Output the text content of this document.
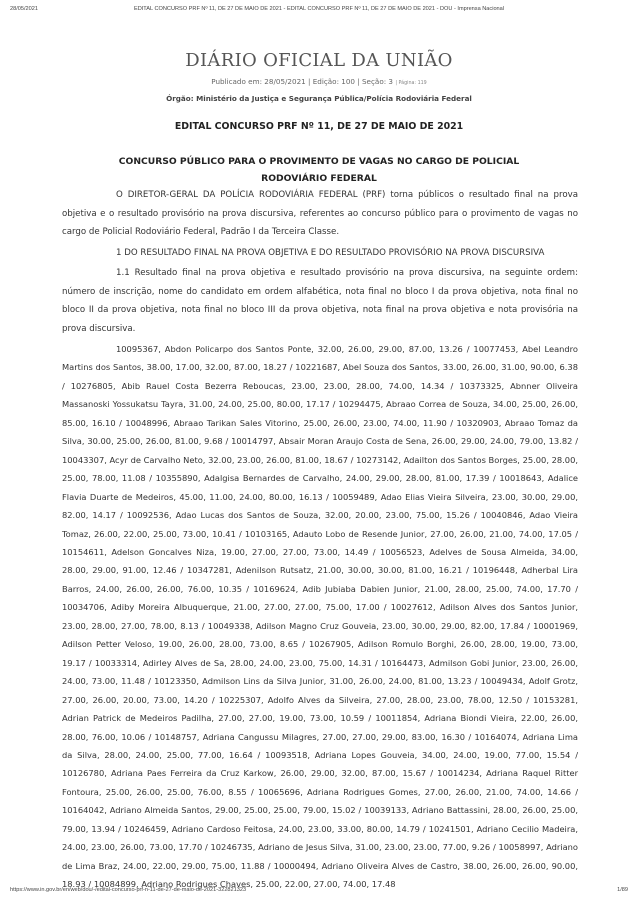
28/05/2021	EDITAL CONCURSO PRF Nº 11, DE 27 DE MAIO DE 2021 - EDITAL CONCURSO PRF Nº 11, DE 27 DE MAIO DE 2021 - DOU - Imprensa Nacional
DIÁRIO OFICIAL DA UNIÃO
Publicado em: 28/05/2021 | Edição: 100 | Seção: 3 | Página: 119
Órgão: Ministério da Justiça e Segurança Pública/Polícia Rodoviária Federal
EDITAL CONCURSO PRF Nº 11, DE 27 DE MAIO DE 2021
CONCURSO PÚBLICO PARA O PROVIMENTO DE VAGAS NO CARGO DE POLICIAL RODOVIÁRIO FEDERAL

O DIRETOR-GERAL DA POLÍCIA RODOVIÁRIA FEDERAL (PRF) torna públicos o resultado final na prova objetiva e o resultado provisório na prova discursiva, referentes ao concurso público para o provimento de vagas no cargo de Policial Rodoviário Federal, Padrão I da Terceira Classe.

1 DO RESULTADO FINAL NA PROVA OBJETIVA E DO RESULTADO PROVISÓRIO NA PROVA DISCURSIVA

1.1 Resultado final na prova objetiva e resultado provisório na prova discursiva, na seguinte ordem: número de inscrição, nome do candidato em ordem alfabética, nota final no bloco I da prova objetiva, nota final no bloco II da prova objetiva, nota final no bloco III da prova objetiva, nota final na prova objetiva e nota provisória na prova discursiva.

10095367, Abdon Policarpo dos Santos Ponte, 32.00, 26.00, 29.00, 87.00, 13.26 / 10077453, Abel Leandro Martins dos Santos, 38.00, 17.00, 32.00, 87.00, 18.27 / 10221687, Abel Souza dos Santos, 33.00, 26.00, 31.00, 90.00, 6.38 / 10276805, Abib Rauel Costa Bezerra Reboucas, 23.00, 23.00, 28.00, 74.00, 14.34 / 10373325, Abnner Oliveira Massanoski Yossukatsu Tayra, 31.00, 24.00, 25.00, 80.00, 17.17 / 10294475, Abraao Correa de Souza, 34.00, 25.00, 26.00, 85.00, 16.10 / 10048996, Abraao Tarikan Sales Vitorino, 25.00, 26.00, 23.00, 74.00, 11.90 / 10320903, Abraao Tomaz da Silva, 30.00, 25.00, 26.00, 81.00, 9.68 / 10014797, Absair Moran Araujo Costa de Sena, 26.00, 29.00, 24.00, 79.00, 13.82 / 10043307, Acyr de Carvalho Neto, 32.00, 23.00, 26.00, 81.00, 18.67 / 10273142, Adailton dos Santos Borges, 25.00, 28.00, 25.00, 78.00, 11.08 / 10355890, Adalgisa Bernardes de Carvalho, 24.00, 29.00, 28.00, 81.00, 17.39 / 10018643, Adalice Flavia Duarte de Medeiros, 45.00, 11.00, 24.00, 80.00, 16.13 / 10059489, Adao Elias Vieira Silveira, 23.00, 30.00, 29.00, 82.00, 14.17 / 10092536, Adao Lucas dos Santos de Souza, 32.00, 20.00, 23.00, 75.00, 15.26 / 10040846, Adao Vieira Tomaz, 26.00, 22.00, 25.00, 73.00, 10.41 / 10103165, Adauto Lobo de Resende Junior, 27.00, 26.00, 21.00, 74.00, 17.05 / 10154611, Adelson Goncalves Niza, 19.00, 27.00, 27.00, 73.00, 14.49 / 10056523, Adelves de Sousa Almeida, 34.00, 28.00, 29.00, 91.00, 12.46 / 10347281, Adenilson Rutsatz, 21.00, 30.00, 30.00, 81.00, 16.21 / 10196448, Adherbal Lira Barros, 24.00, 26.00, 26.00, 76.00, 10.35 / 10169624, Adib Jubiaba Dabien Junior, 21.00, 28.00, 25.00, 74.00, 17.70 / 10034706, Adiby Moreira Albuquerque, 21.00, 27.00, 27.00, 75.00, 17.00 / 10027612, Adilson Alves dos Santos Junior, 23.00, 28.00, 27.00, 78.00, 8.13 / 10049338, Adilson Magno Cruz Gouveia, 23.00, 30.00, 29.00, 82.00, 17.84 / 10001969, Adilson Petter Veloso, 19.00, 26.00, 28.00, 73.00, 8.65 / 10267905, Adilson Romulo Borghi, 26.00, 28.00, 19.00, 73.00, 19.17 / 10033314, Adirley Alves de Sa, 28.00, 24.00, 23.00, 75.00, 14.31 / 10164473, Admilson Gobi Junior, 23.00, 26.00, 24.00, 73.00, 11.48 / 10123350, Admilson Lins da Silva Junior, 31.00, 26.00, 24.00, 81.00, 13.23 / 10049434, Adolf Grotz, 27.00, 26.00, 20.00, 73.00, 14.20 / 10225307, Adolfo Alves da Silveira, 27.00, 28.00, 23.00, 78.00, 12.50 / 10153281, Adrian Patrick de Medeiros Padilha, 27.00, 27.00, 19.00, 73.00, 10.59 / 10011854, Adriana Biondi Vieira, 22.00, 26.00, 28.00, 76.00, 10.06 / 10148757, Adriana Cangussu Milagres, 27.00, 27.00, 29.00, 83.00, 16.30 / 10164074, Adriana Lima da Silva, 28.00, 24.00, 25.00, 77.00, 16.64 / 10093518, Adriana Lopes Gouveia, 34.00, 24.00, 19.00, 77.00, 15.54 / 10126780, Adriana Paes Ferreira da Cruz Karkow, 26.00, 29.00, 32.00, 87.00, 15.67 / 10014234, Adriana Raquel Ritter Fontoura, 25.00, 26.00, 25.00, 76.00, 8.55 / 10065696, Adriana Rodrigues Gomes, 27.00, 26.00, 21.00, 74.00, 14.66 / 10164042, Adriano Almeida Santos, 29.00, 25.00, 25.00, 79.00, 15.02 / 10039133, Adriano Battassini, 28.00, 26.00, 25.00, 79.00, 13.94 / 10246459, Adriano Cardoso Feitosa, 24.00, 23.00, 33.00, 80.00, 14.79 / 10241501, Adriano Cecilio Madeira, 24.00, 23.00, 26.00, 73.00, 17.70 / 10246735, Adriano de Jesus Silva, 31.00, 23.00, 23.00, 77.00, 9.26 / 10058997, Adriano de Lima Braz, 24.00, 22.00, 29.00, 75.00, 11.88 / 10000494, Adriano Oliveira Alves de Castro, 38.00, 26.00, 26.00, 90.00, 18.93 / 10084899, Adriano Rodrigues Chaves, 25.00, 22.00, 27.00, 74.00, 17.48

https://www.in.gov.br/en/web/dou/-/edital-concurso-prf-n-11-de-27-de-maio-de-2021-322821323	1/89
